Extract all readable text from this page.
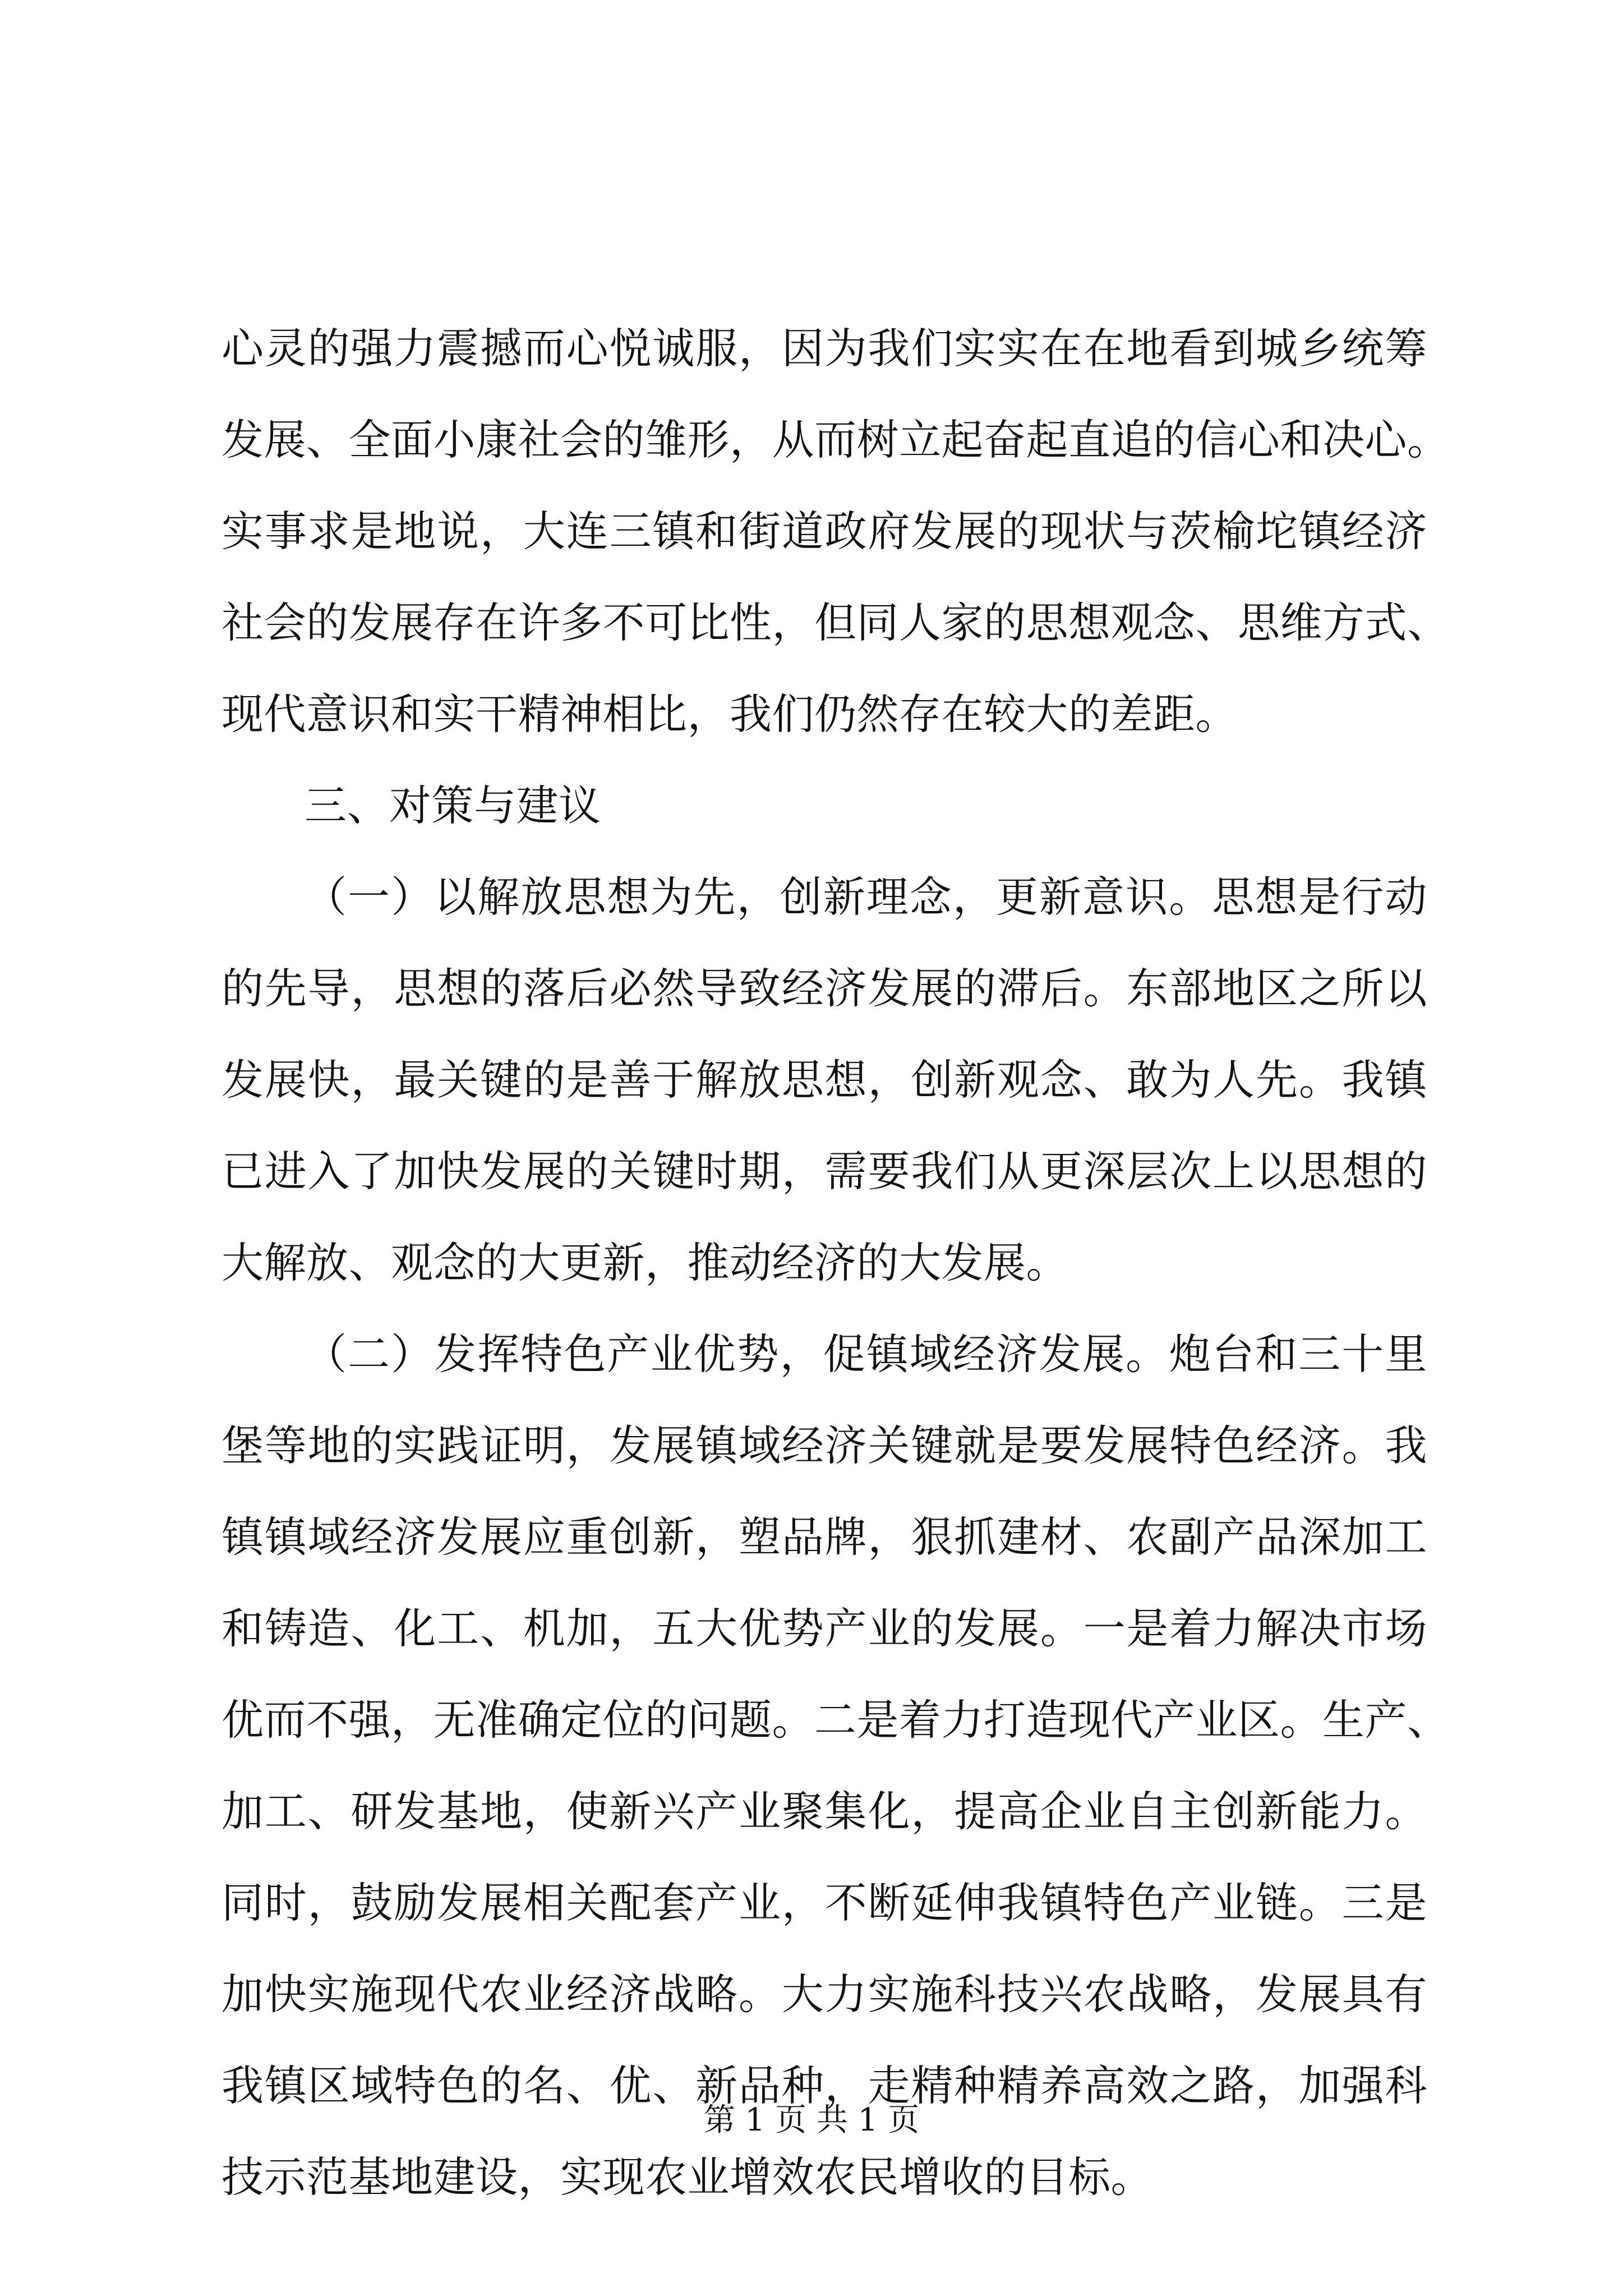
心灵的强力震撼而心悦诚服，因为我们实实在在地看到城乡统筹
发展、全面小康社会的雏形，从而树立起奋起直追的信心和决心。
实事求是地说，大连三镇和街道政府发展的现状与茨榆坨镇经济
社会的发展存在许多不可比性，但同人家的思想观念、思维方式、
现代意识和实干精神相比，我们仍然存在较大的差距。
三、对策与建议
（一）以解放思想为先，创新理念，更新意识。思想是行动
的先导，思想的落后必然导致经济发展的滞后。东部地区之所以
发展快，最关键的是善于解放思想，创新观念、敢为人先。我镇
已进入了加快发展的关键时期，需要我们从更深层次上以思想的
大解放、观念的大更新，推动经济的大发展。
（二）发挥特色产业优势，促镇域经济发展。炮台和三十里
堡等地的实践证明，发展镇域经济关键就是要发展特色经济。我
镇镇域经济发展应重创新，塑品牌，狠抓建材、农副产品深加工
和铸造、化工、机加，五大优势产业的发展。一是着力解决市场
优而不强，无准确定位的问题。二是着力打造现代产业区。生产、
加工、研发基地，使新兴产业聚集化，提高企业自主创新能力。
同时，鼓励发展相关配套产业，不断延伸我镇特色产业链。三是
加快实施现代农业经济战略。大力实施科技兴农战略，发展具有
我镇区域特色的名、优、新品种，走精种精养高效之路，加强科
技示范基地建设，实现农业增效农民增收的目标。
第 1 页 共 1 页
